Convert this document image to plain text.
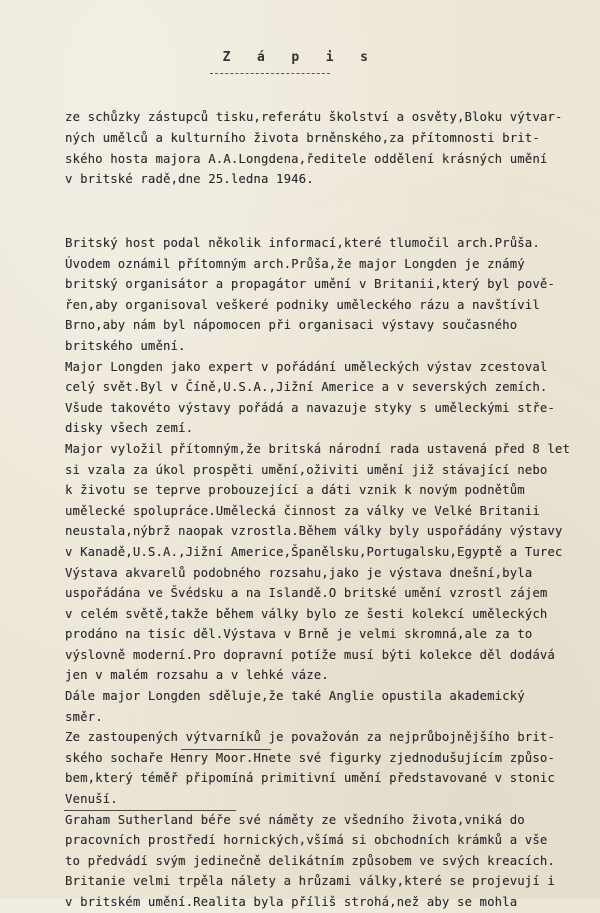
Z á p i s
ze schůzky zástupců tisku,referátu školství a osvěty,Bloku výtvar-
ných umělců a kulturního života brněnského,za přítomnosti brit-
ského hosta majora A.A.Longdena,ředitele oddělení krásných umění
v britské radě,dne 25.ledna 1946.
Britský host podal několik informací,které tlumočil arch.Průša.
Úvodem oznámil přítomným arch.Průša,že major Longden je známý
britský organisátor a propagátor umění v Britanii,který byl pově-
řen,aby organisoval veškeré podniky uměleckého rázu a navštívil
Brno,aby nám byl nápomocen při organisaci výstavy současného
britského umění.
Major Longden jako expert v pořádání uměleckých výstav zcestoval
celý svět.Byl v Číně,U.S.A.,Jižní Americe a v severských zemích.
Všude takovéto výstavy pořádá a navazuje styky s uměleckými stře-
disky všech zemí.
Major vyložil přítomným,že britská národní rada ustavená před 8 let
si vzala za úkol prospěti umění,oživiti umění již stávající nebo
k životu se teprve probouzející a dáti vznik k novým podnětům
umělecké spolupráce.Umělecká činnost za války ve Velké Britanii
neustala,nýbrž naopak vzrostla.Během války byly uspořádány výstavy
v Kanadě,U.S.A.,Jižní Americe,Španělsku,Portugalsku,Egyptě a Turec
Výstava akvarelů podobného rozsahu,jako je výstava dnešní,byla
uspořádána ve Švédsku a na Islandě.O britské umění vzrostl zájem
v celém světě,takže během války bylo ze šesti kolekcí uměleckých
prodáno na tisíc děl.Výstava v Brně je velmi skromná,ale za to
výslovně moderní.Pro dopravní potíže musí býti kolekce děl dodává
jen v malém rozsahu a v lehké váze.
Dále major Longden sděluje,že také Anglie opustila akademický
směr.
Ze zastoupených výtvarníků je považován za nejprůbojnějšího brit-
ského sochaře Henry Moor.Hnete své figurky zjednodušujícím způso-
bem,který téměř připomíná primitivní umění představované v stonic
Venuší.
Graham Sutherland béře své náměty ze všedního života,vniká do
pracovních prostředí hornických,všímá si obchodních krámků a vše
to předvádí svým jedinečně delikátním způsobem ve svých kreacích.
Britanie velmi trpěla nálety a hrůzami války,které se projevují i
v britském umění.Realita byla příliš strohá,než aby se mohla
